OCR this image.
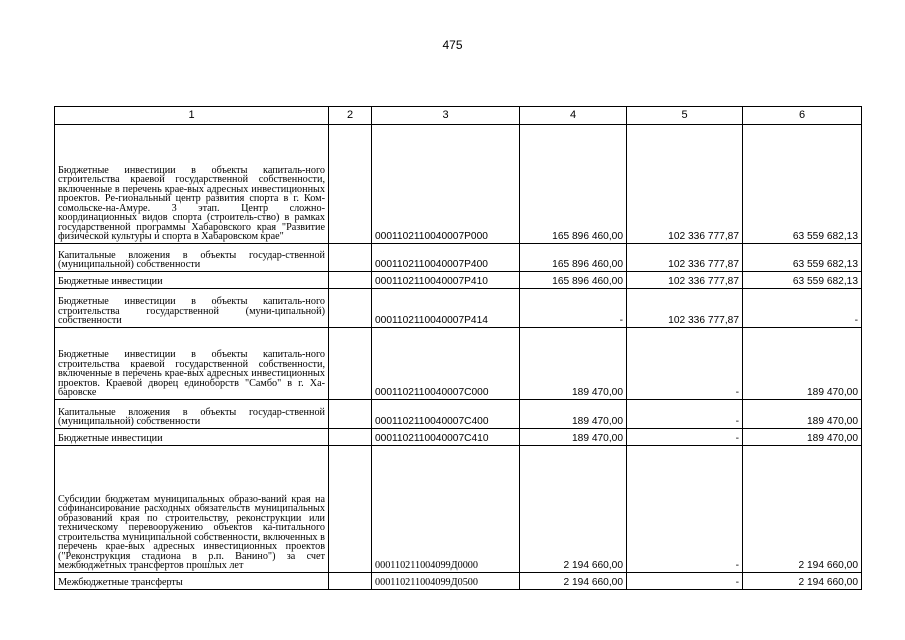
475
1	2	3	4	5	6
Бюджетные инвестиции в объекты капиталь-ного строительства краевой государственной собственности, включенные в перечень крае-вых адресных инвестиционных проектов. Ре-гиональный центр развития спорта в г. Ком-сомольске-на-Амуре. 3 этап. Центр сложно-координационных видов спорта (строитель-ство) в рамках государственной программы Хабаровского края "Развитие физической культуры и спорта в Хабаровском крае"		0001102110040007P000	165 896 460,00	102 336 777,87	63 559 682,13
Капитальные вложения в объекты государ-ственной (муниципальной) собственности		0001102110040007P400	165 896 460,00	102 336 777,87	63 559 682,13
Бюджетные инвестиции		0001102110040007P410	165 896 460,00	102 336 777,87	63 559 682,13
Бюджетные инвестиции в объекты капиталь-ного строительства государственной (муни-ципальной) собственности		0001102110040007P414	-	102 336 777,87	-
Бюджетные инвестиции в объекты капиталь-ного строительства краевой государственной собственности, включенные в перечень крае-вых адресных инвестиционных проектов. Краевой дворец единоборств "Самбо" в г. Ха-баровске		0001102110040007C000	189 470,00	-	189 470,00
Капитальные вложения в объекты государ-ственной (муниципальной) собственности		0001102110040007C400	189 470,00	-	189 470,00
Бюджетные инвестиции		0001102110040007C410	189 470,00	-	189 470,00
Субсидии бюджетам муниципальных образо-ваний края на софинансирование расходных обязательств муниципальных образований края по строительству, реконструкции или техническому перевооружению объектов ка-питального строительства муниципальной собственности, включенных в перечень крае-вых адресных инвестиционных проектов ("Реконструкция стадиона в р.п. Ванино") за счет межбюджетных трансфертов прошлых лет		000110211004099Д0000	2 194 660,00	-	2 194 660,00
Межбюджетные трансферты		000110211004099Д0500	2 194 660,00	-	2 194 660,00
